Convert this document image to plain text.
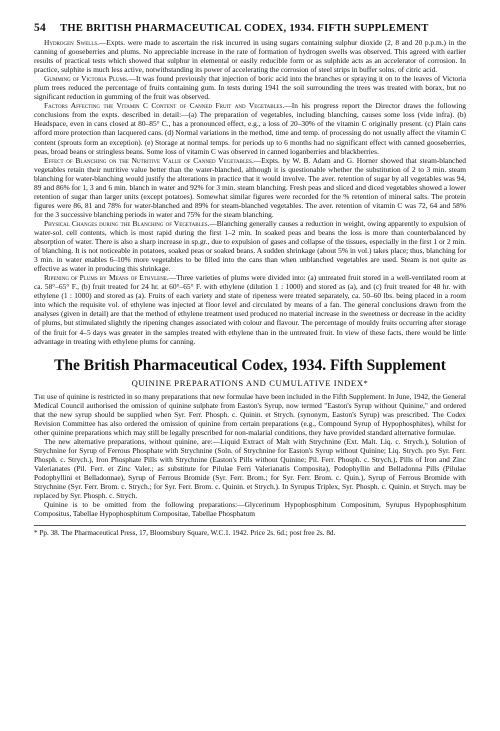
54 THE BRITISH PHARMACEUTICAL CODEX, 1934. FIFTH SUPPLEMENT

Hydrogen Swells.—Expts. were made to ascertain the risk incurred in using sugars containing sulphur dioxide (2, 8 and 20 p.p.m.) in the canning of gooseberries and plums. No appreciable increase in the rate of formation of hydrogen swells was observed. This agreed with earlier results of practical tests which showed that sulphur in elemental or easily reducible form or as sulphide acts as an accelerator of corrosion. In practice, sulphite is much less active, notwithstanding its power of accelerating the corrosion of steel strips in buffer solns. of citric acid.

Gumming of Victoria Plums.—It was found previously that injection of boric acid into the branches or spraying it on to the leaves of Victoria plum trees reduced the percentage of fruits containing gum. In tests during 1941 the soil surrounding the trees was treated with borax, but no significant reduction in gumming of the fruit was observed.

Factors Affecting the Vitamin C Content of Canned Fruit and Vegetables.—In his progress report the Director draws the following conclusions from the expts. described in detail:—(a) The preparation of vegetables, including blanching, causes some loss (vide infra). (b) Headspace, even in cans closed at 80–85° C., has a pronounced effect, e.g., a loss of 20–30% of the vitamin C originally present. (c) Plain cans afford more protection than lacquered cans. (d) Normal variations in the method, time and temp. of processing do not usually affect the vitamin C content (sprouts form an exception). (e) Storage at normal temps. for periods up to 6 months had no significant effect with canned gooseberries, peas, broad beans or stringless beans. Some loss of vitamin C was observed in canned loganberries and blackberries.

Effect of Blanching on the Nutritive Value of Canned Vegetables.—Expts. by W. B. Adam and G. Horner showed that steam-blanched vegetables retain their nutritive value better than the water-blanched, although it is questionable whether the substitution of 2 to 3 min. steam blanching for water-blanching would justify the alterations in practice that it would involve. The aver. retention of sugar by all vegetables was 94, 89 and 86% for 1, 3 and 6 min. blanch in water and 92% for 3 min. steam blanching. Fresh peas and sliced and diced vegetables showed a lower retention of sugar than larger units (except potatoes). Somewhat similar figures were recorded for the % retention of mineral salts. The protein figures were 86, 81 and 78% for water-blanched and 89% for steam-blanched vegetables. The aver. retention of vitamin C was 72, 64 and 58% for the 3 successive blanching periods in water and 75% for the steam blanching.

Physical Changes during the Blanching of Vegetables.—Blanching generally causes a reduction in weight, owing apparently to expulsion of water-sol. cell contents, which is most rapid during the first 1–2 min. In soaked peas and beans the loss is more than counterbalanced by absorption of water. There is also a sharp increase in sp.gr., due to expulsion of gases and collapse of the tissues, especially in the first 1 or 2 min. of blanching. It is not noticeable in potatoes, soaked peas or soaked beans. A sudden shrinkage (about 5% in vol.) takes place; thus, blanching for 3 min. in water enables 6–10% more vegetables to be filled into the cans than when unblanched vegetables are used. Steam is not quite as effective as water in producing this shrinkage.

Ripening of Plums by Means of Ethylene.—Three varieties of plums were divided into: (a) untreated fruit stored in a well-ventilated room at ca. 58°–65° F., (b) fruit treated for 24 hr. at 60°–65° F. with ethylene (dilution 1 : 1000) and stored as (a), and (c) fruit treated for 48 hr. with ethylene (1 : 1000) and stored as (a). Fruits of each variety and state of ripeness were treated separately, ca. 50–60 lbs. being placed in a room into which the requisite vol. of ethylene was injected at floor level and circulated by means of a fan. The general conclusions drawn from the analyses (given in detail) are that the method of ethylene treatment used produced no material increase in the sweetness or decrease in the acidity of plums, but stimulated slightly the ripening changes associated with colour and flavour. The percentage of mouldy fruits occurring after storage of the fruit for 4–5 days was greater in the samples treated with ethylene than in the untreated fruit. In view of these facts, there would be little advantage in treating with ethylene plums for canning.

The British Pharmaceutical Codex, 1934. Fifth Supplement
QUININE PREPARATIONS AND CUMULATIVE INDEX*

The use of quinine is restricted in so many preparations that new formulae have been included in the Fifth Supplement. In June, 1942, the General Medical Council authorised the omission of quinine sulphate from Easton's Syrup, now termed "Easton's Syrup without Quinine," and ordered that the new syrup should be supplied when Syr. Ferr. Phosph. c. Quinin. et Strych. (synonym, Easton's Syrup) was prescribed. The Codex Revision Committee has also ordered the omission of quinine from certain preparations (e.g., Compound Syrup of Hypophosphites), whilst for other quinine preparations which may still be legally prescribed for non-malarial conditions, they have provided standard alternative formulae.

The new alternative preparations, without quinine, are:—Liquid Extract of Malt with Strychnine (Ext. Malt. Liq. c. Strych.), Solution of Strychnine for Syrup of Ferrous Phosphate with Strychnine (Soln. of Strychnine for Easton's Syrup without Quinine; Liq. Strych. pro Syr. Ferr. Phosph. c. Strych.), Iron Phosphate Pills with Strychnine (Easton's Pills without Quinine; Pil. Ferr. Phosph. c. Strych.), Pills of Iron and Zinc Valerianates (Pil. Ferr. et Zinc Valer.; as substitute for Pilulae Ferri Valerianatis Composita), Podophyllin and Belladonna Pills (Pilulae Podophyllini et Belladonnae), Syrup of Ferrous Bromide (Syr. Ferr. Brom.; for Syr. Ferr. Brom. c. Quin.), Syrup of Ferrous Bromide with Strychnine (Syr. Ferr. Brom. c. Strych.; for Syr. Ferr. Brom. c. Quinin. et Strych.). In Syrupus Triplex, Syr. Phosph. c. Quinin. et Strych. may be replaced by Syr. Phosph. c. Strych.

Quinine is to be omitted from the following preparations:—Glycerinum Hypophosphitum Compositum, Syrupus Hypophosphitum Compositus, Tabellae Hypophosphitum Compositae, Tabellae Phosphatum

* Pp. 38. The Pharmaceutical Press, 17, Bloomsbury Square, W.C.1. 1942. Price 2s. 6d.; post free 2s. 8d.
